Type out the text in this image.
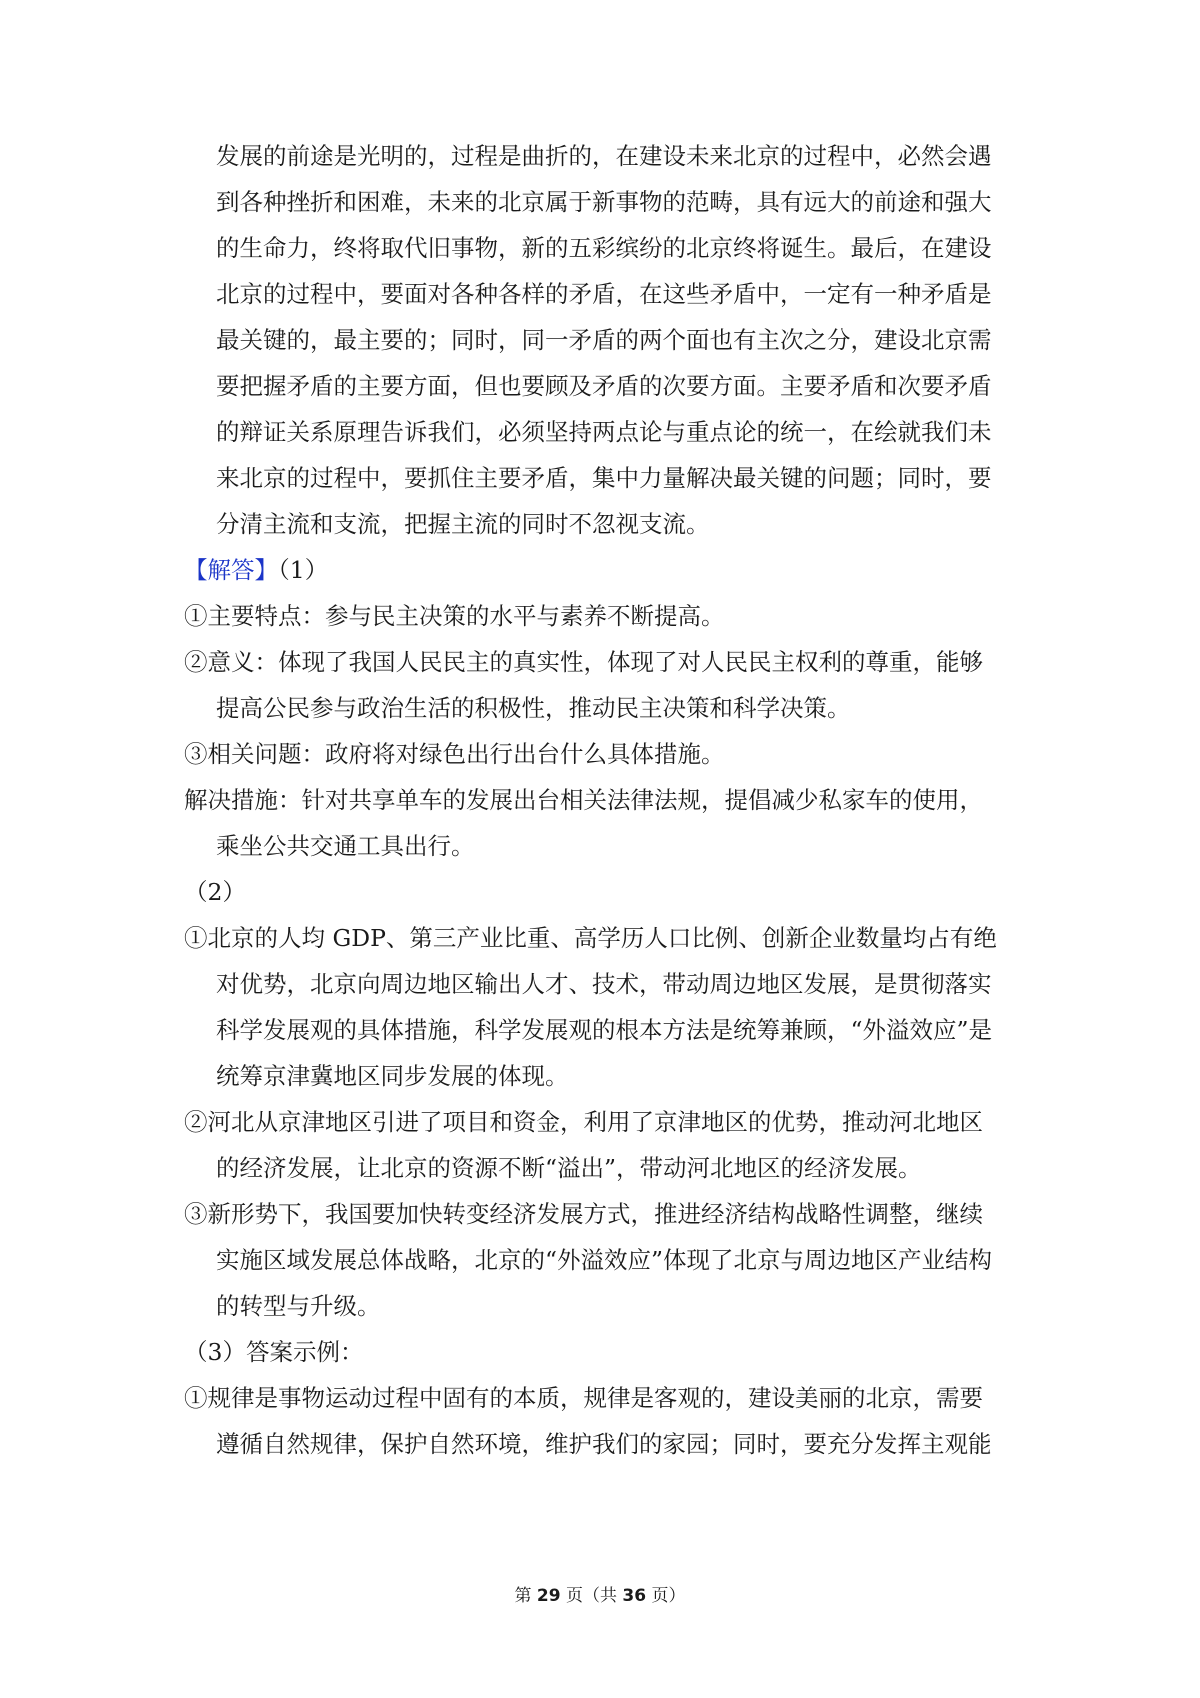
发展的前途是光明的，过程是曲折的，在建设未来北京的过程中，必然会遇
到各种挫折和困难，未来的北京属于新事物的范畴，具有远大的前途和强大
的生命力，终将取代旧事物，新的五彩缤纷的北京终将诞生。最后，在建设
北京的过程中，要面对各种各样的矛盾，在这些矛盾中，一定有一种矛盾是
最关键的，最主要的；同时，同一矛盾的两个面也有主次之分，建设北京需
要把握矛盾的主要方面，但也要顾及矛盾的次要方面。主要矛盾和次要矛盾
的辩证关系原理告诉我们，必须坚持两点论与重点论的统一，在绘就我们未
来北京的过程中，要抓住主要矛盾，集中力量解决最关键的问题；同时，要
分清主流和支流，把握主流的同时不忽视支流。
【解答】（1）
①主要特点：参与民主决策的水平与素养不断提高。
②意义：体现了我国人民民主的真实性，体现了对人民民主权利的尊重，能够
提高公民参与政治生活的积极性，推动民主决策和科学决策。
③相关问题：政府将对绿色出行出台什么具体措施。
解决措施：针对共享单车的发展出台相关法律法规，提倡减少私家车的使用，
乘坐公共交通工具出行。
（2）
①北京的人均 GDP、第三产业比重、高学历人口比例、创新企业数量均占有绝
对优势，北京向周边地区输出人才、技术，带动周边地区发展，是贯彻落实
科学发展观的具体措施，科学发展观的根本方法是统筹兼顾，“外溢效应”是
统筹京津冀地区同步发展的体现。
②河北从京津地区引进了项目和资金，利用了京津地区的优势，推动河北地区
的经济发展，让北京的资源不断“溢出”，带动河北地区的经济发展。
③新形势下，我国要加快转变经济发展方式，推进经济结构战略性调整，继续
实施区域发展总体战略，北京的“外溢效应”体现了北京与周边地区产业结构
的转型与升级。
（3）答案示例：
①规律是事物运动过程中固有的本质，规律是客观的，建设美丽的北京，需要
遵循自然规律，保护自然环境，维护我们的家园；同时，要充分发挥主观能
第 29 页（共 36 页）
